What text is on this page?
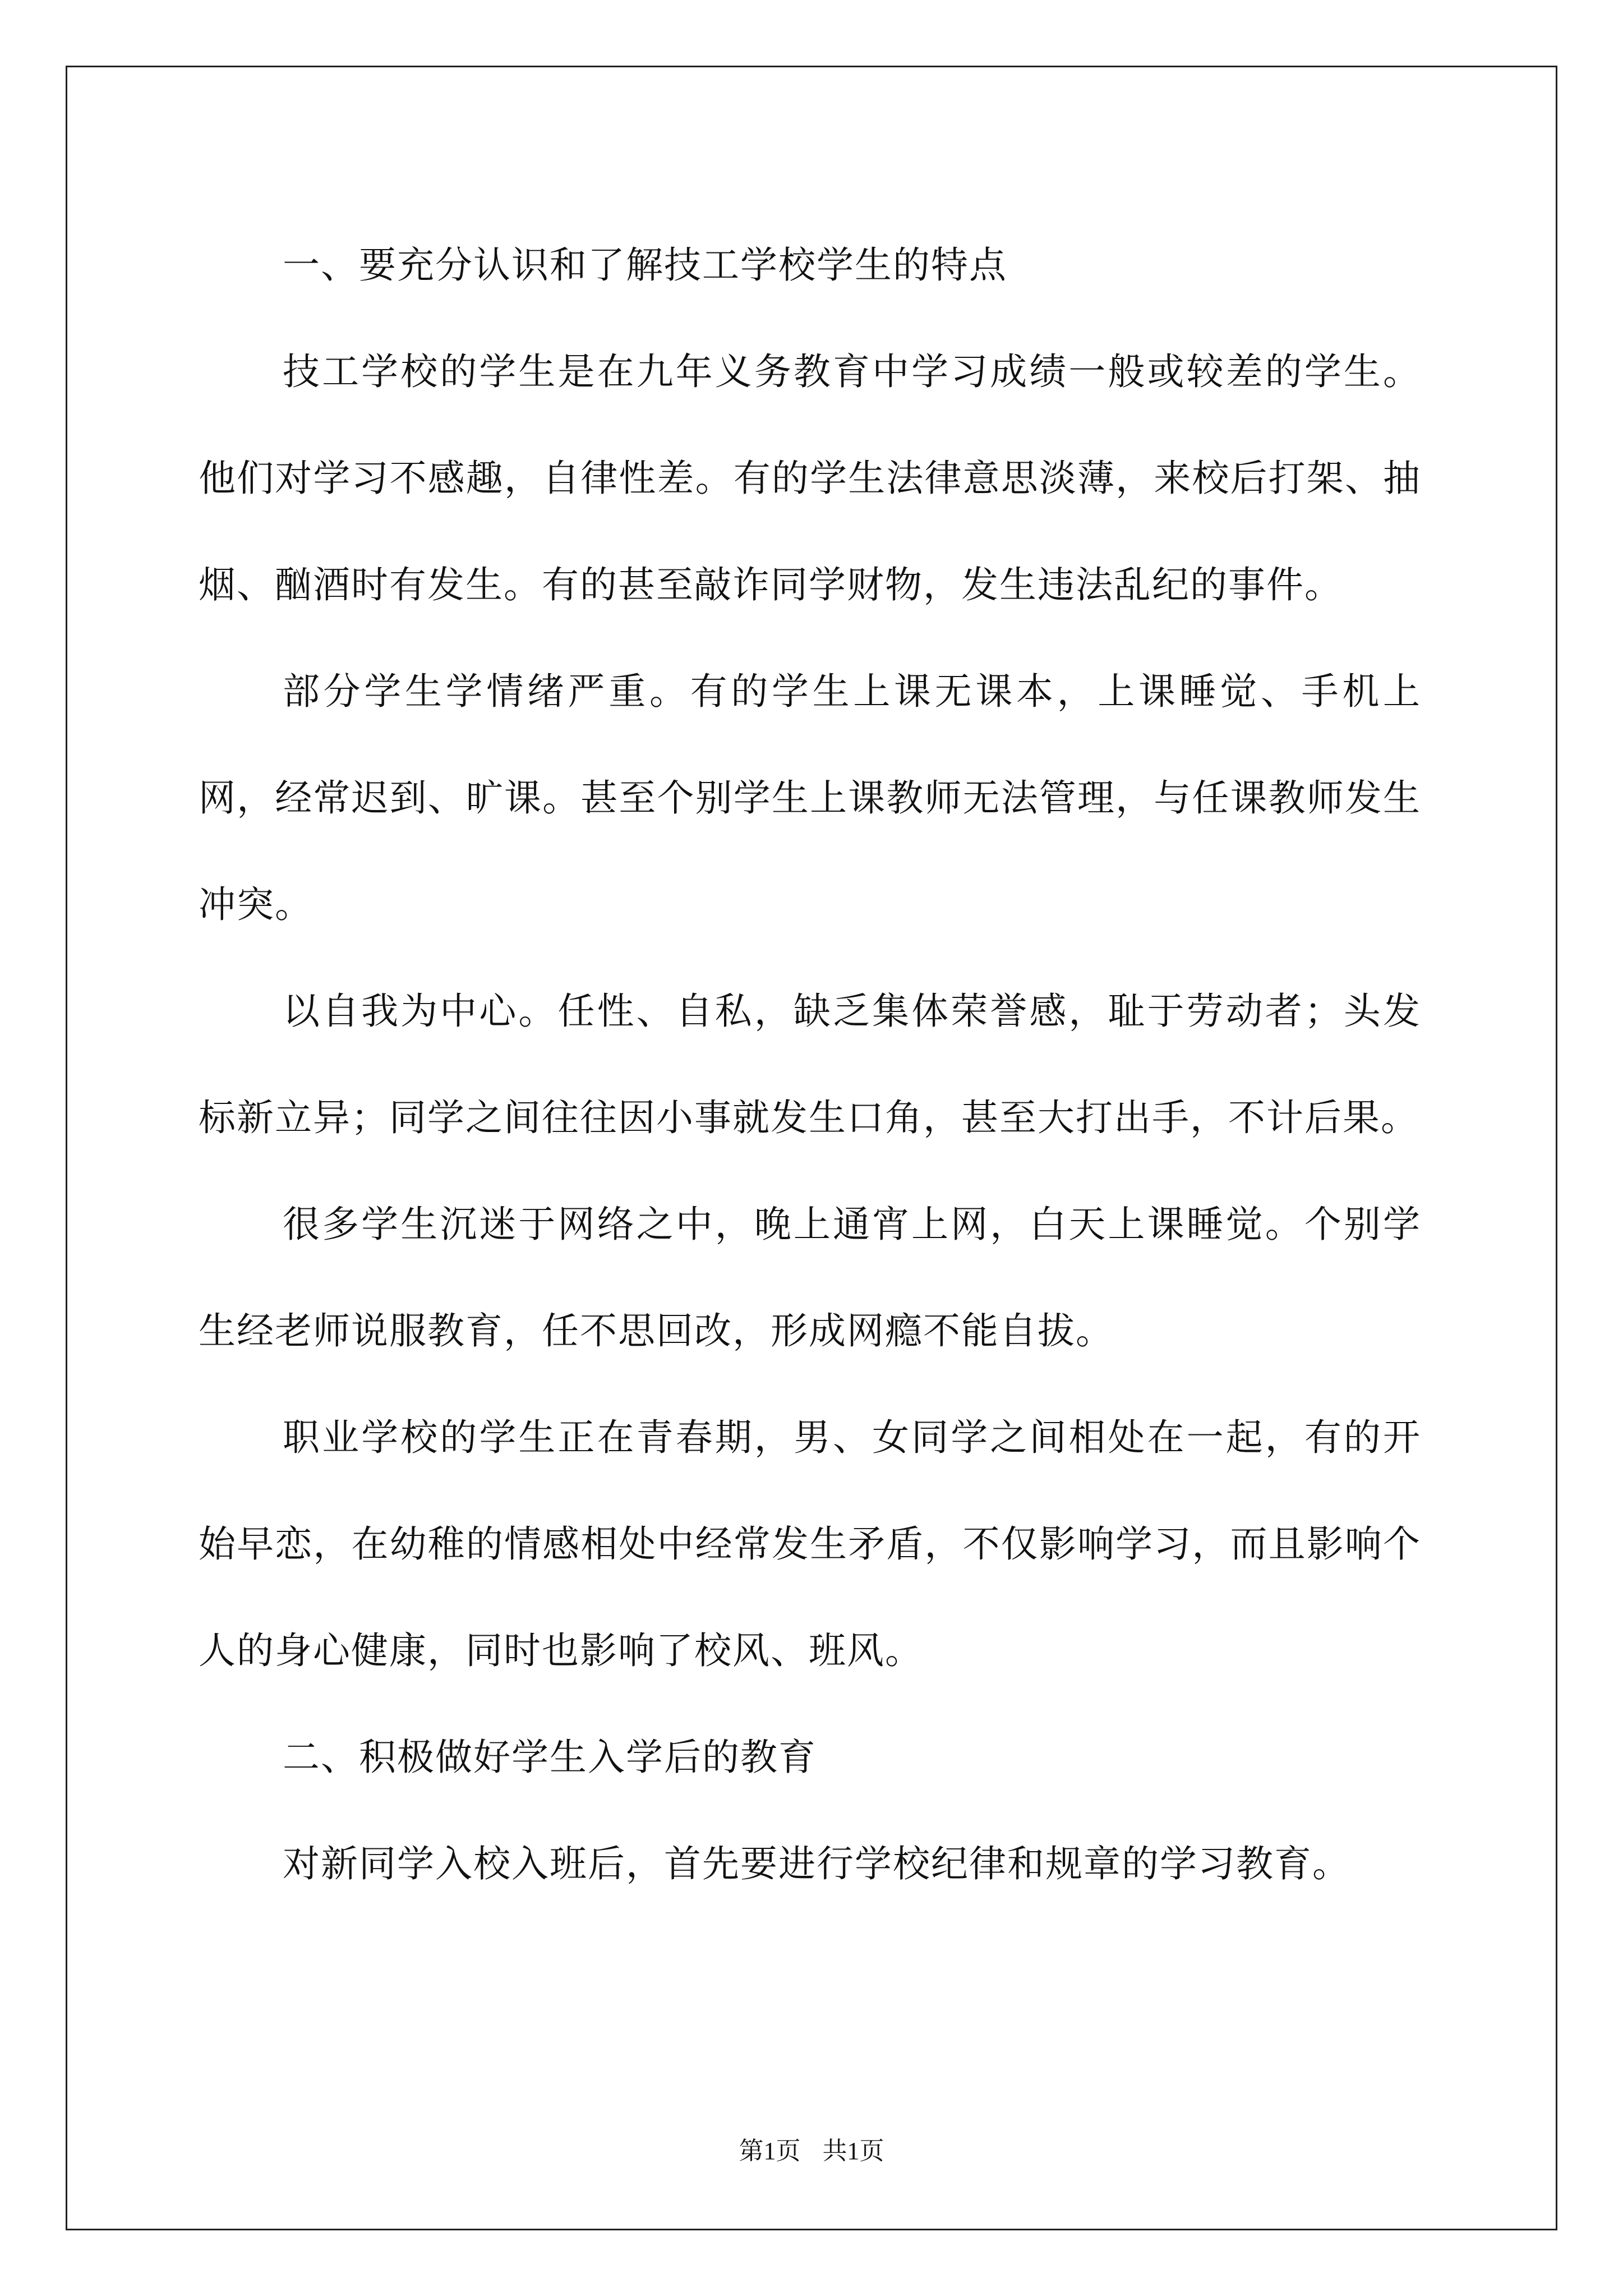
一、要充分认识和了解技工学校学生的特点

技工学校的学生是在九年义务教育中学习成绩一般或较差的学生。他们对学习不感趣，自律性差。有的学生法律意思淡薄，来校后打架、抽烟、酗酒时有发生。有的甚至敲诈同学财物，发生违法乱纪的事件。

部分学生学情绪严重。有的学生上课无课本，上课睡觉、手机上网，经常迟到、旷课。甚至个别学生上课教师无法管理，与任课教师发生冲突。

以自我为中心。任性、自私，缺乏集体荣誉感，耻于劳动者；头发标新立异；同学之间往往因小事就发生口角，甚至大打出手，不计后果。

很多学生沉迷于网络之中，晚上通宵上网，白天上课睡觉。个别学生经老师说服教育，任不思回改，形成网瘾不能自拔。

职业学校的学生正在青春期，男、女同学之间相处在一起，有的开始早恋，在幼稚的情感相处中经常发生矛盾，不仅影响学习，而且影响个人的身心健康，同时也影响了校风、班风。

二、积极做好学生入学后的教育

对新同学入校入班后，首先要进行学校纪律和规章的学习教育。

第1页 共1页
